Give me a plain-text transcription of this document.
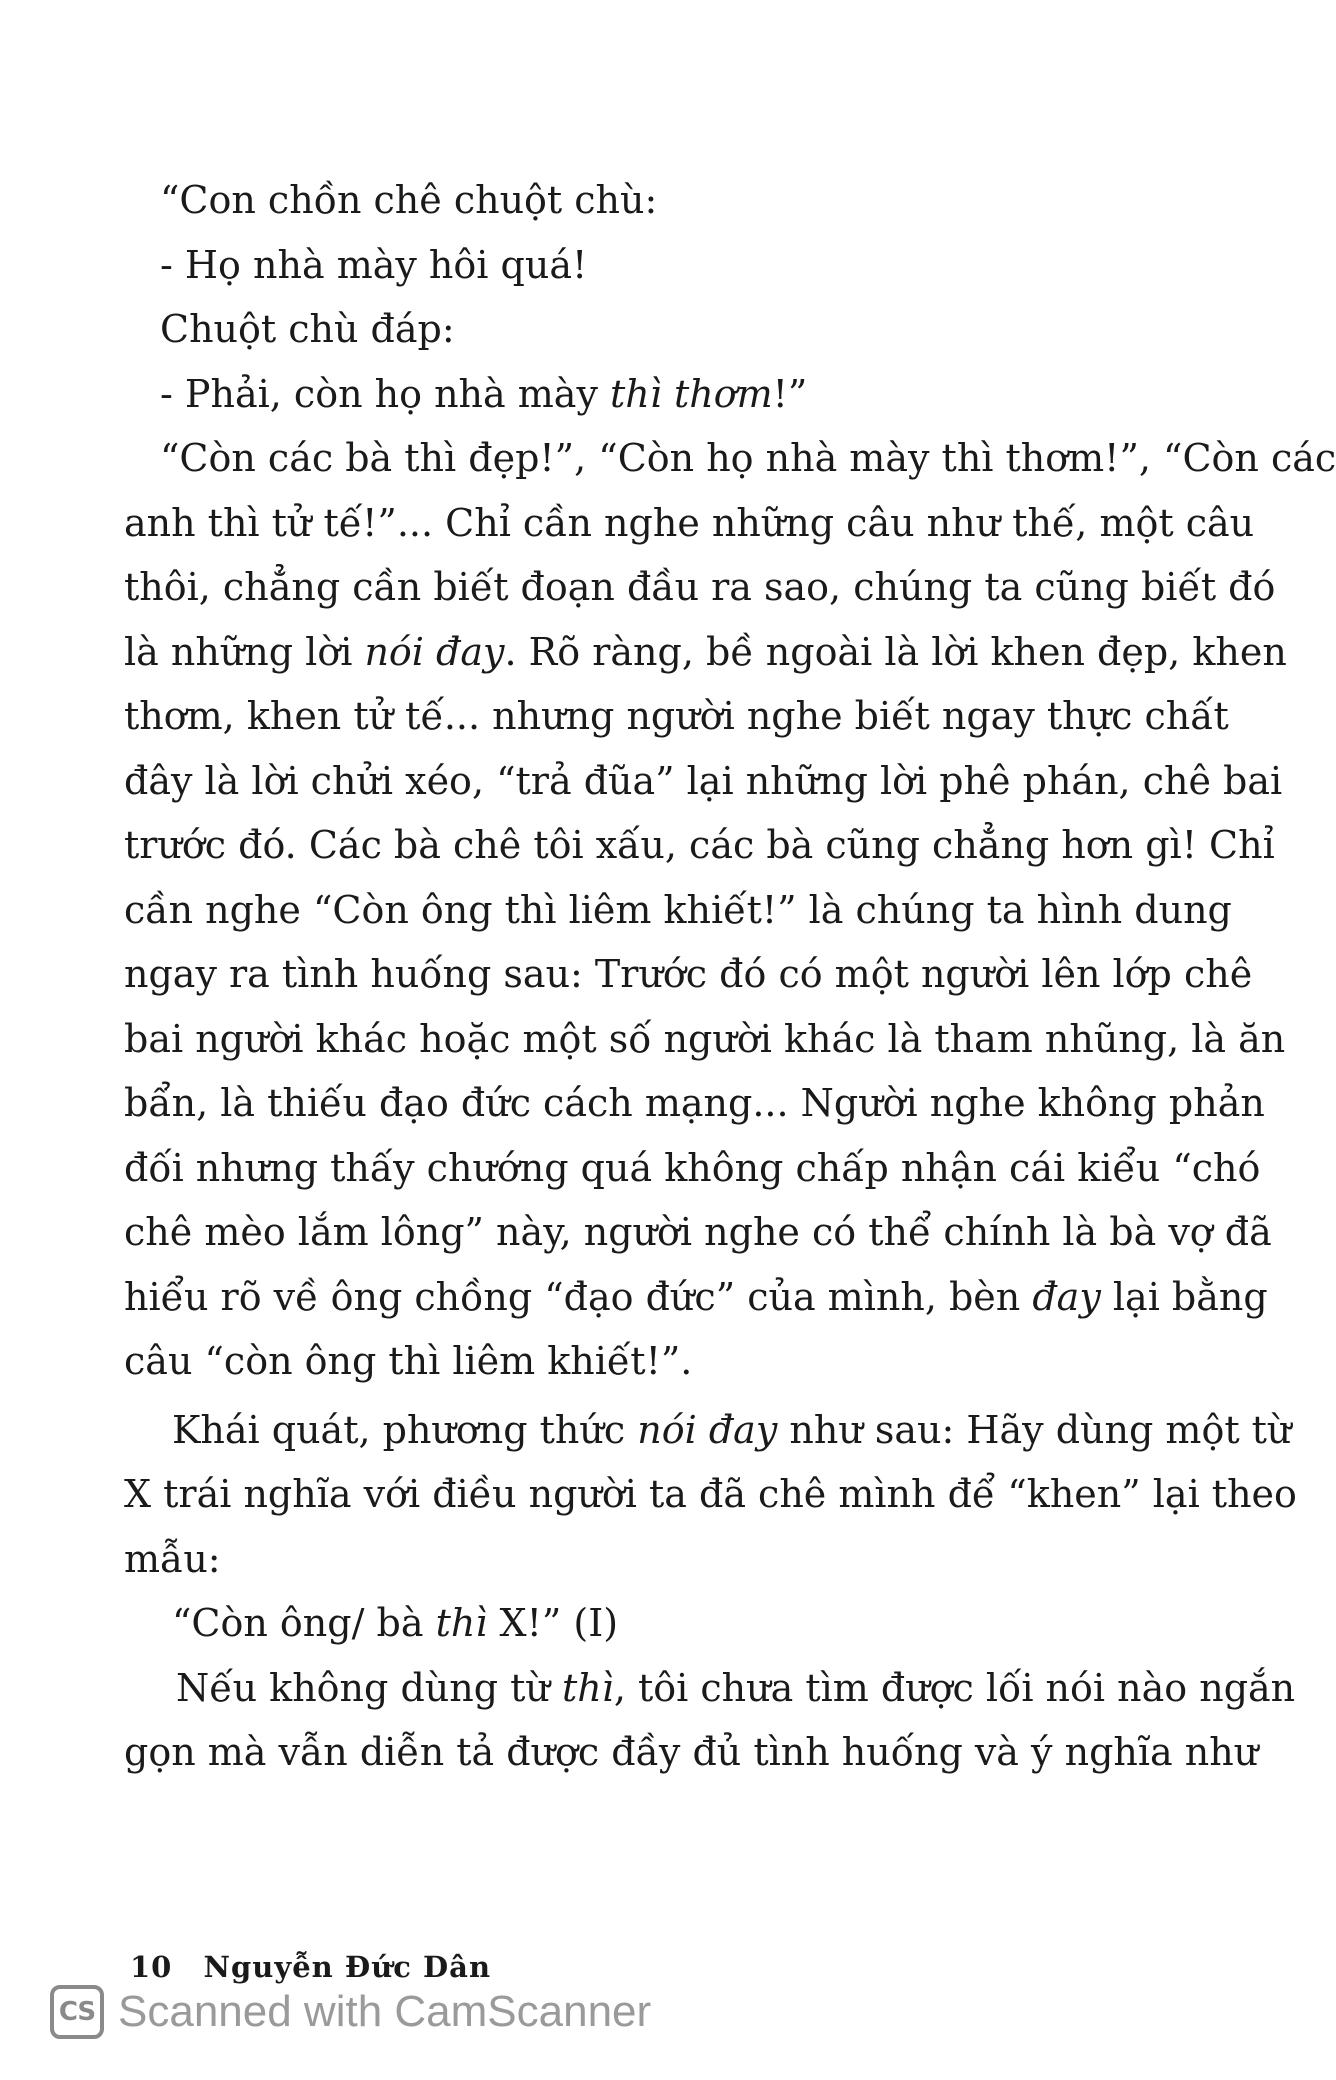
“Con chồn chê chuột chù:
- Họ nhà mày hôi quá!
Chuột chù đáp:
- Phải, còn họ nhà mày thì thơm!”
“Còn các bà thì đẹp!”, “Còn họ nhà mày thì thơm!”, “Còn các
anh thì tử tế!”... Chỉ cần nghe những câu như thế, một câu
thôi, chẳng cần biết đoạn đầu ra sao, chúng ta cũng biết đó
là những lời nói đay. Rõ ràng, bề ngoài là lời khen đẹp, khen
thơm, khen tử tế... nhưng người nghe biết ngay thực chất
đây là lời chửi xéo, “trả đũa” lại những lời phê phán, chê bai
trước đó. Các bà chê tôi xấu, các bà cũng chẳng hơn gì! Chỉ
cần nghe “Còn ông thì liêm khiết!” là chúng ta hình dung
ngay ra tình huống sau: Trước đó có một người lên lớp chê
bai người khác hoặc một số người khác là tham nhũng, là ăn
bẩn, là thiếu đạo đức cách mạng... Người nghe không phản
đối nhưng thấy chướng quá không chấp nhận cái kiểu “chó
chê mèo lắm lông” này, người nghe có thể chính là bà vợ đã
hiểu rõ về ông chồng “đạo đức” của mình, bèn đay lại bằng
câu “còn ông thì liêm khiết!”.
Khái quát, phương thức nói đay như sau: Hãy dùng một từ
X trái nghĩa với điều người ta đã chê mình để “khen” lại theo
mẫu:
“Còn ông/ bà thì X!” (I)
Nếu không dùng từ thì, tôi chưa tìm được lối nói nào ngắn
gọn mà vẫn diễn tả được đầy đủ tình huống và ý nghĩa như
10 Nguyễn Đức Dân
CS Scanned with CamScanner
